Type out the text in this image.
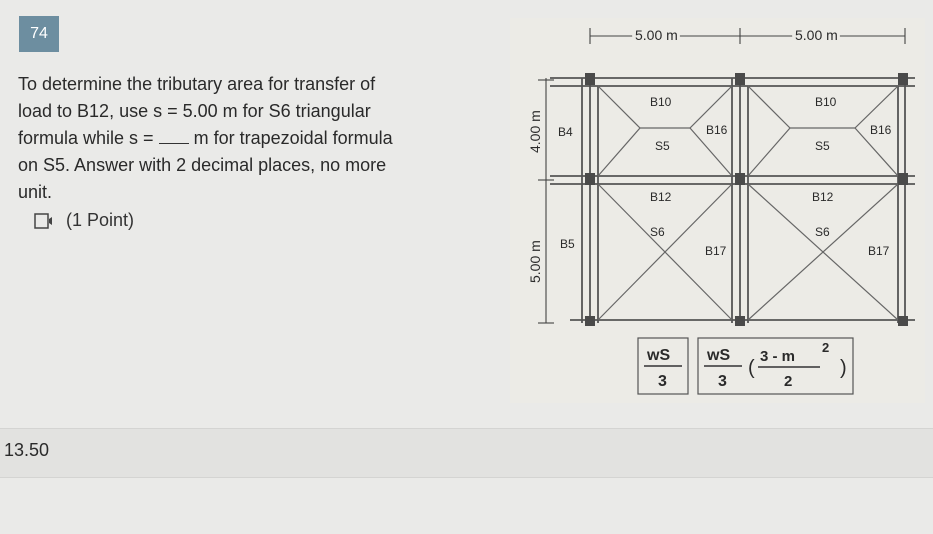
74
To determine the tributary area for transfer of
load to B12, use s = 5.00 m for S6 triangular
formula while s = m for trapezoidal formula
on S5. Answer with 2 decimal places, no more
unit.
(1 Point)
5.00 m	5.00 m
4.00 m
5.00 m
B10	B10
B4	B16	B16
S5	S5
B12	B12
S6	S6
B5	B17	B17
wS
3
wS
3
(
3 - m
2
2
)
13.50
